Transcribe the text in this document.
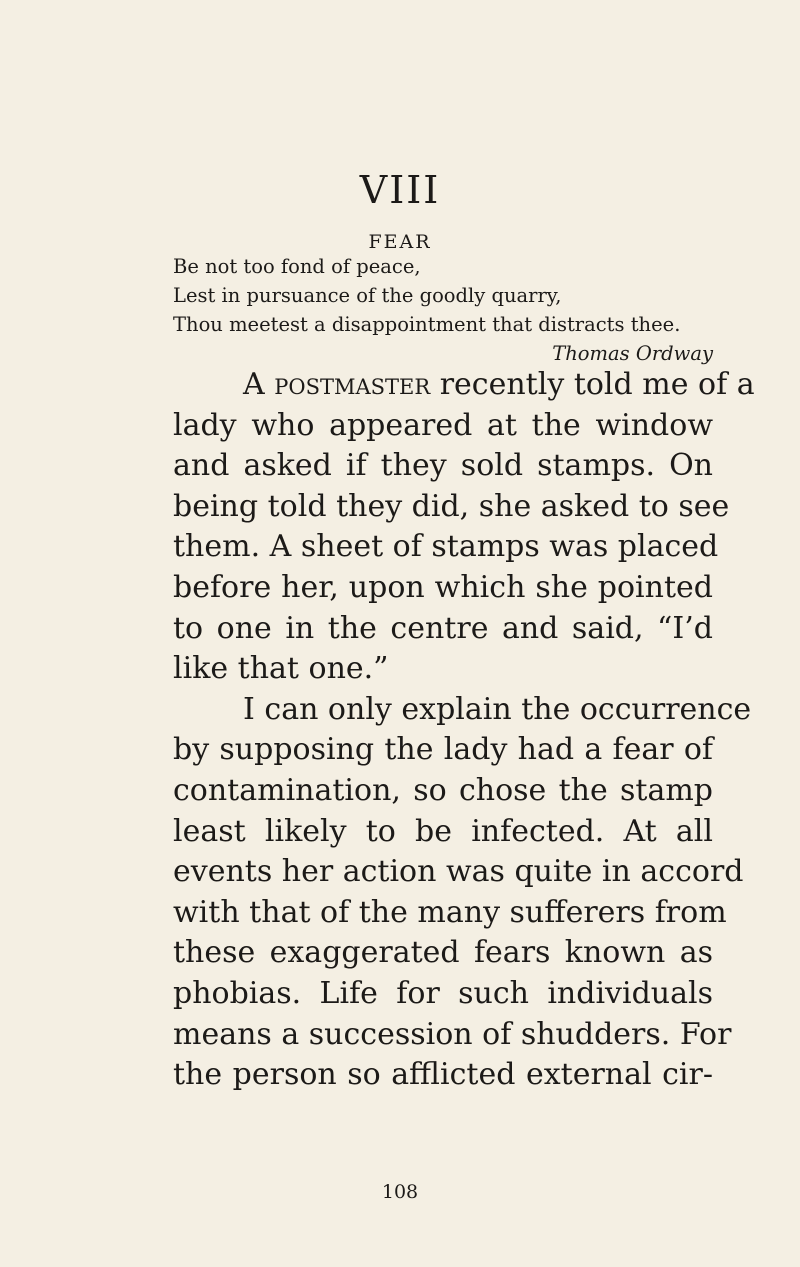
VIII
FEAR
Be not too fond of peace,
Lest in pursuance of the goodly quarry,
Thou meetest a disappointment that distracts thee.
Thomas Ordway
A postmaster recently told me of a
lady who appeared at the window
and asked if they sold stamps. On
being told they did, she asked to see
them. A sheet of stamps was placed
before her, upon which she pointed
to one in the centre and said, “I’d
like that one.”
I can only explain the occurrence
by supposing the lady had a fear of
contamination, so chose the stamp
least likely to be infected. At all
events her action was quite in accord
with that of the many sufferers from
these exaggerated fears known as
phobias. Life for such individuals
means a succession of shudders. For
the person so afflicted external cir-
108
